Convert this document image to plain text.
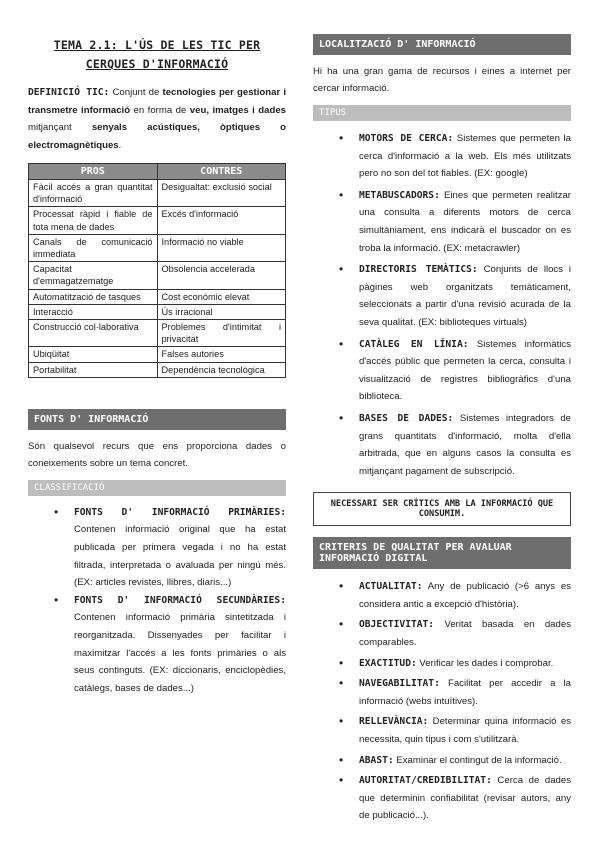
TEMA 2.1: L'ÚS DE LES TIC PER CERQUES D'INFORMACIÓ
DEFINICIÓ TIC: Conjunt de tecnologies per gestionar i transmetre informació en forma de veu, imatges i dades mitjançant senyals acústiques, òptiques o electromagnètiques.
PROS	CONTRES
Fàcil accés a gran quantitat d'informació	Desigualtat: exclusió social
Processat ràpid i fiable de tota mena de dades	Excés d'informació
Canals de comunicació immediata	Informació no viable
Capacitat d'emmagatzematge	Obsolencia accelerada
Automatització de tasques	Cost econòmic elevat
Interacció	Ús irracional
Construcció col·laborativa	Problemes d'intimitat i privacitat
Ubiqüitat	Falses autories
Portabilitat	Dependència tecnològica
FONTS D' INFORMACIÓ
Són qualsevol recurs que ens proporciona dades o coneixements sobre un tema concret.
CLASSIFICACIÓ
• FONTS D' INFORMACIÓ PRIMÀRIES: Contenen informació original que ha estat publicada per primera vegada i no ha estat filtrada, interpretada o avaluada per ningú més. (EX: articles revistes, llibres, diaris...)
• FONTS D' INFORMACIÓ SECUNDÀRIES: Contenen informació primària sintetitzada i reorganitzada. Dissenyades per facilitar i maximitzar l'accés a les fonts primàries o als seus continguts. (EX: diccionaris, enciclopèdies, catàlegs, bases de dades...)
LOCALITZACIÓ D' INFORMACIÓ
Hi ha una gran gama de recursos i eines a internet per cercar informació.
TIPUS
• MOTORS DE CERCA: Sistemes que permeten la cerca d'informació a la web. Els més utilitzats pero no son del tot fiables. (EX: google)
• METABUSCADORS: Eines que permeten realitzar una consulta a diferents motors de cerca simultàniament, ens indicarà el buscador on es troba la informació. (EX: metacrawler)
• DIRECTORIS TEMÀTICS: Conjunts de llocs i pàgines web organitzats temàticament, seleccionats a partir d'una revisió acurada de la seva qualitat. (EX: biblioteques virtuals)
• CATÀLEG EN LÍNIA: Sistemes informàtics d'accés públic que permeten la cerca, consulta i visualització de registres bibliogràfics d'una biblioteca.
• BASES DE DADES: Sistemes integradors de grans quantitats d'informació, molta d'ella arbitrada, que en alguns casos la consulta es mitjançant pagament de subscripció.
NECESSARI SER CRÍTICS AMB LA INFORMACIÓ QUE CONSUMIM.
CRITERIS DE QUALITAT PER AVALUAR INFORMACIÓ DIGITAL
• ACTUALITAT: Any de publicació (>6 anys es considera antic a excepció d'història).
• OBJECTIVITAT: Veritat basada en dades comparables.
• EXACTITUD: Verificar les dades i comprobar.
• NAVEGABILITAT: Facilitat per accedir a la informació (webs intuïtives).
• RELLEVÀNCIA: Determinar quina informació es necessita, quin tipus i com s'utilitzarà.
• ABAST: Examinar el contingut de la informació.
• AUTORITAT/CREDIBILITAT: Cerca de dades que determinin confiabilitat (revisar autors, any de publicació...).
